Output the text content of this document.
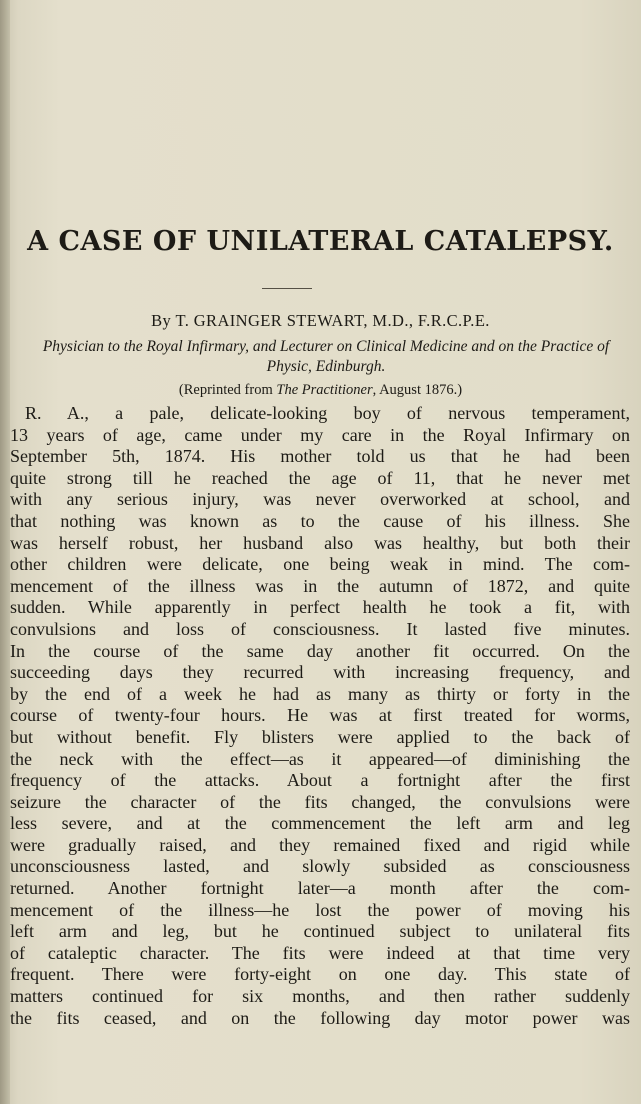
A CASE OF UNILATERAL CATALEPSY.
By T. GRAINGER STEWART, M.D., F.R.C.P.E.
Physician to the Royal Infirmary, and Lecturer on Clinical Medicine and on the Practice of Physic, Edinburgh.
(Reprinted from The Practitioner, August 1876.)
R. A., a pale, delicate-looking boy of nervous temperament,
13 years of age, came under my care in the Royal Infirmary on
September 5th, 1874. His mother told us that he had been
quite strong till he reached the age of 11, that he never met
with any serious injury, was never overworked at school, and
that nothing was known as to the cause of his illness. She
was herself robust, her husband also was healthy, but both their
other children were delicate, one being weak in mind. The com-
mencement of the illness was in the autumn of 1872, and quite
sudden. While apparently in perfect health he took a fit, with
convulsions and loss of consciousness. It lasted five minutes.
In the course of the same day another fit occurred. On the
succeeding days they recurred with increasing frequency, and
by the end of a week he had as many as thirty or forty in the
course of twenty-four hours. He was at first treated for worms,
but without benefit. Fly blisters were applied to the back of
the neck with the effect—as it appeared—of diminishing the
frequency of the attacks. About a fortnight after the first
seizure the character of the fits changed, the convulsions were
less severe, and at the commencement the left arm and leg
were gradually raised, and they remained fixed and rigid while
unconsciousness lasted, and slowly subsided as consciousness
returned. Another fortnight later—a month after the com-
mencement of the illness—he lost the power of moving his
left arm and leg, but he continued subject to unilateral fits
of cataleptic character. The fits were indeed at that time very
frequent. There were forty-eight on one day. This state of
matters continued for six months, and then rather suddenly
the fits ceased, and on the following day motor power was
